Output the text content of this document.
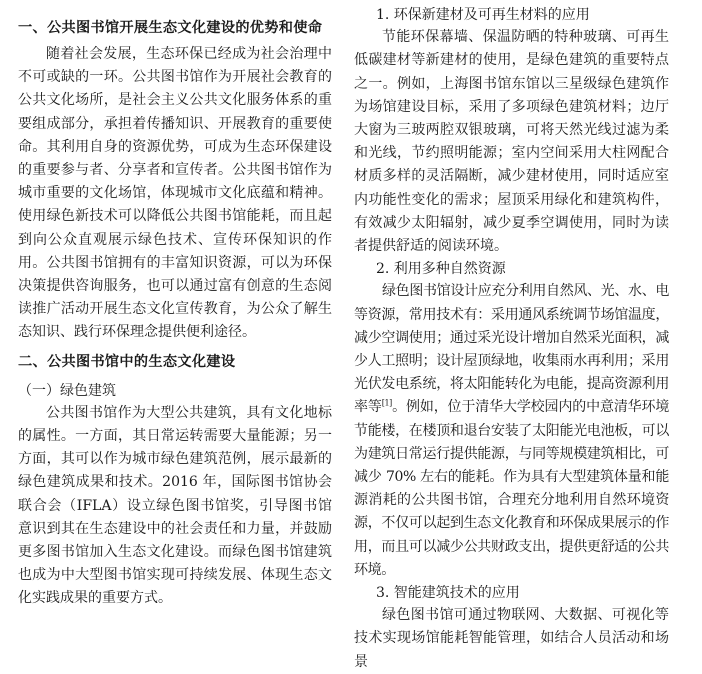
一、公共图书馆开展生态文化建设的优势和使命

随着社会发展，生态环保已经成为社会治理中不可或缺的一环。公共图书馆作为开展社会教育的公共文化场所，是社会主义公共文化服务体系的重要组成部分，承担着传播知识、开展教育的重要使命。其利用自身的资源优势，可成为生态环保建设的重要参与者、分享者和宣传者。公共图书馆作为城市重要的文化场馆，体现城市文化底蕴和精神。使用绿色新技术可以降低公共图书馆能耗，而且起到向公众直观展示绿色技术、宣传环保知识的作用。公共图书馆拥有的丰富知识资源，可以为环保决策提供咨询服务，也可以通过富有创意的生态阅读推广活动开展生态文化宣传教育，为公众了解生态知识、践行环保理念提供便利途径。

二、公共图书馆中的生态文化建设
（一）绿色建筑

公共图书馆作为大型公共建筑，具有文化地标的属性。一方面，其日常运转需要大量能源；另一方面，其可以作为城市绿色建筑范例，展示最新的绿色建筑成果和技术。2016 年，国际图书馆协会联合会（IFLA）设立绿色图书馆奖，引导图书馆意识到其在生态建设中的社会责任和力量，并鼓励更多图书馆加入生态文化建设。而绿色图书馆建筑也成为中大型图书馆实现可持续发展、体现生态文化实践成果的重要方式。

1. 环保新建材及可再生材料的应用

节能环保幕墙、保温防晒的特种玻璃、可再生低碳建材等新建材的使用，是绿色建筑的重要特点之一。例如，上海图书馆东馆以三星级绿色建筑作为场馆建设目标，采用了多项绿色建筑材料；边厅大窗为三玻两腔双银玻璃，可将天然光线过滤为柔和光线，节约照明能源；室内空间采用大柱网配合材质多样的灵活隔断，减少建材使用，同时适应室内功能性变化的需求；屋顶采用绿化和建筑构件，有效减少太阳辐射，减少夏季空调使用，同时为读者提供舒适的阅读环境。

2. 利用多种自然资源

绿色图书馆设计应充分利用自然风、光、水、电等资源，常用技术有：采用通风系统调节场馆温度，减少空调使用；通过采光设计增加自然采光面积，减少人工照明；设计屋顶绿地，收集雨水再利用；采用光伏发电系统，将太阳能转化为电能，提高资源利用率等[1]。例如，位于清华大学校园内的中意清华环境节能楼，在楼顶和退台安装了太阳能光电池板，可以为建筑日常运行提供能源，与同等规模建筑相比，可减少 70% 左右的能耗。作为具有大型建筑体量和能源消耗的公共图书馆，合理充分地利用自然环境资源，不仅可以起到生态文化教育和环保成果展示的作用，而且可以减少公共财政支出，提供更舒适的公共环境。

3. 智能建筑技术的应用

绿色图书馆可通过物联网、大数据、可视化等技术实现场馆能耗智能管理，如结合人员活动和场景
